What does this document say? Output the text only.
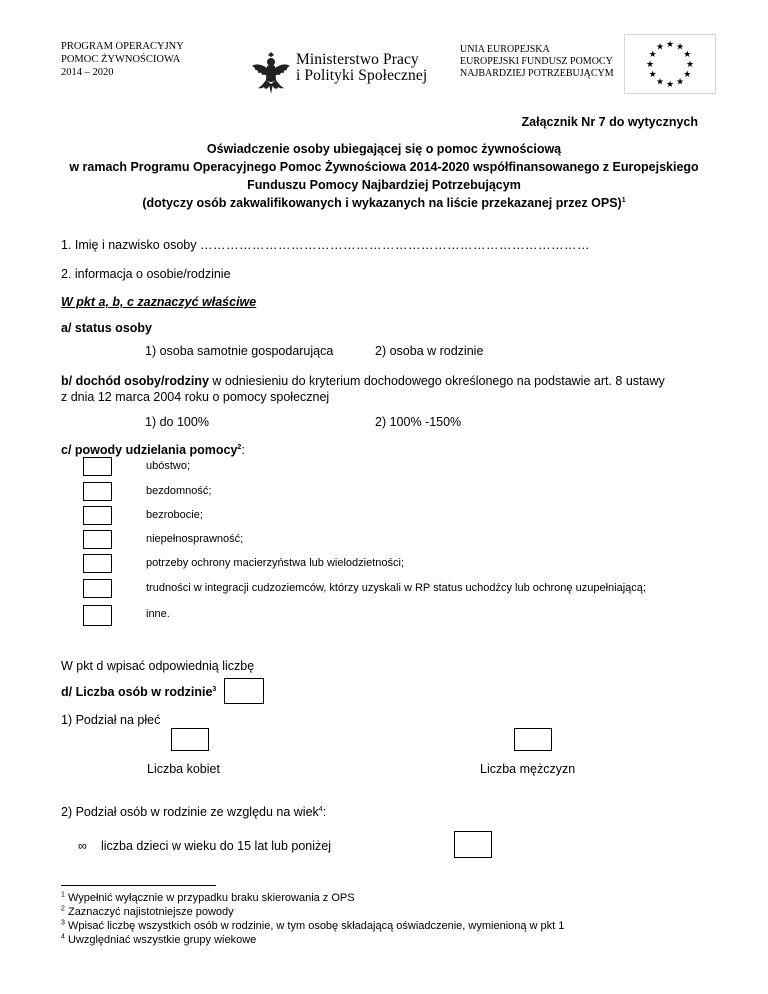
PROGRAM OPERACYJNY
POMOC ŻYWNOŚCIOWA
2014 – 2020
Ministerstwo Pracy
i Polityki Społecznej
UNIA EUROPEJSKA
EUROPEJSKI FUNDUSZ POMOCY
NAJBARDZIEJ POTRZEBUJĄCYM
★ ★
★
★
★
★
★
★
★
★
★
★
Załącznik Nr 7 do wytycznych
Oświadczenie osoby ubiegającej się o pomoc żywnościową
w ramach Programu Operacyjnego Pomoc Żywnościowa 2014-2020 współfinansowanego z Europejskiego
Funduszu Pomocy Najbardziej Potrzebującym
(dotyczy osób zakwalifikowanych i wykazanych na liście przekazanej przez OPS)$^1$
1. Imię i nazwisko osoby ………………………………………………………………………………
2. informacja o osobie/rodzinie
W pkt a, b, c zaznaczyć właściwe
a/ status osoby
1) osoba samotnie gospodarująca	2) osoba w rodzinie
b/ dochód osoby/rodziny w odniesieniu do kryterium dochodowego określonego na podstawie art. 8 ustawy
z dnia 12 marca 2004 roku o pomocy społecznej
1) do 100%	2) 100% -150%
c/ powody udzielania pomocy$^2$:
ubóstwo;
bezdomność;
bezrobocie;
niepełnosprawność;
potrzeby ochrony macierzyństwa lub wielodzietności;
trudności w integracji cudzoziemców, którzy uzyskali w RP status uchodźcy lub ochronę uzupełniającą;
inne.
W pkt d wpisać odpowiednią liczbę
d/ Liczba osób w rodzinie$^3$
1) Podział na płeć
Liczba kobiet	Liczba mężczyzn
2) Podział osób w rodzinie ze względu na wiek$^4$:
∞ liczba dzieci w wieku do 15 lat lub poniżej
$^1$ Wypełnić wyłącznie w przypadku braku skierowania z OPS
$^2$ Zaznaczyć najistotniejsze powody
$^3$ Wpisać liczbę wszystkich osób w rodzinie, w tym osobę składającą oświadczenie, wymienioną w pkt 1
$^4$ Uwzględniać wszystkie grupy wiekowe
